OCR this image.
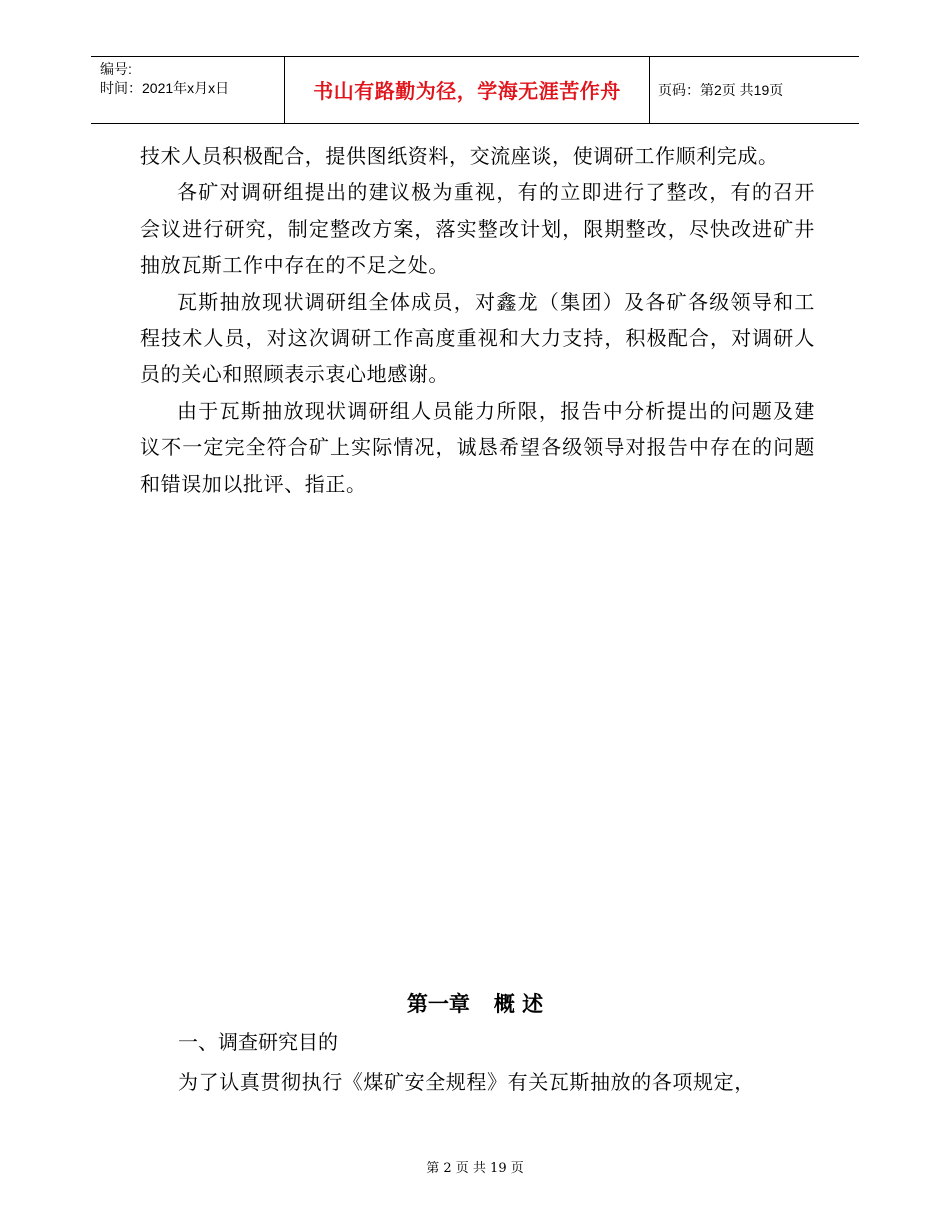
编号:
时间：2021年x月x日	书山有路勤为径，学海无涯苦作舟	页码：第2页 共19页

技术人员积极配合，提供图纸资料，交流座谈，使调研工作顺利完成。

各矿对调研组提出的建议极为重视，有的立即进行了整改，有的召开会议进行研究，制定整改方案，落实整改计划，限期整改，尽快改进矿井抽放瓦斯工作中存在的不足之处。

瓦斯抽放现状调研组全体成员，对鑫龙（集团）及各矿各级领导和工程技术人员，对这次调研工作高度重视和大力支持，积极配合，对调研人员的关心和照顾表示衷心地感谢。

由于瓦斯抽放现状调研组人员能力所限，报告中分析提出的问题及建议不一定完全符合矿上实际情况，诚恳希望各级领导对报告中存在的问题和错误加以批评、指正。

第一章 概 述
一、调查研究目的
为了认真贯彻执行《煤矿安全规程》有关瓦斯抽放的各项规定，
第 2 页 共 19 页
